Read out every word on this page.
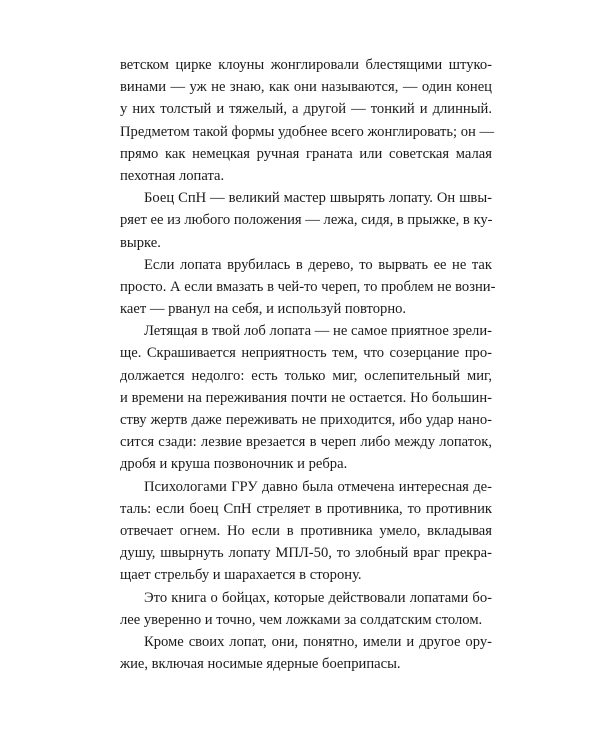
ветском цирке клоуны жонглировали блестящими штуко-
винами — уж не знаю, как они называются, — один конец
у них толстый и тяжелый, а другой — тонкий и длинный.
Предметом такой формы удобнее всего жонглировать; он —
прямо как немецкая ручная граната или советская малая
пехотная лопата.
Боец СпН — великий мастер швырять лопату. Он швы-
ряет ее из любого положения — лежа, сидя, в прыжке, в ку-
вырке.
Если лопата врубилась в дерево, то вырвать ее не так
просто. А если вмазать в чей-то череп, то проблем не возни-
кает — рванул на себя, и используй повторно.
Летящая в твой лоб лопата — не самое приятное зрели-
ще. Скрашивается неприятность тем, что созерцание про-
должается недолго: есть только миг, ослепительный миг,
и времени на переживания почти не остается. Но большин-
ству жертв даже переживать не приходится, ибо удар нано-
сится сзади: лезвие врезается в череп либо между лопаток,
дробя и круша позвоночник и ребра.
Психологами ГРУ давно была отмечена интересная де-
таль: если боец СпН стреляет в противника, то противник
отвечает огнем. Но если в противника умело, вкладывая
душу, швырнуть лопату МПЛ-50, то злобный враг прекра-
щает стрельбу и шарахается в сторону.
Это книга о бойцах, которые действовали лопатами бо-
лее уверенно и точно, чем ложками за солдатским столом.
Кроме своих лопат, они, понятно, имели и другое ору-
жие, включая носимые ядерные боеприпасы.
